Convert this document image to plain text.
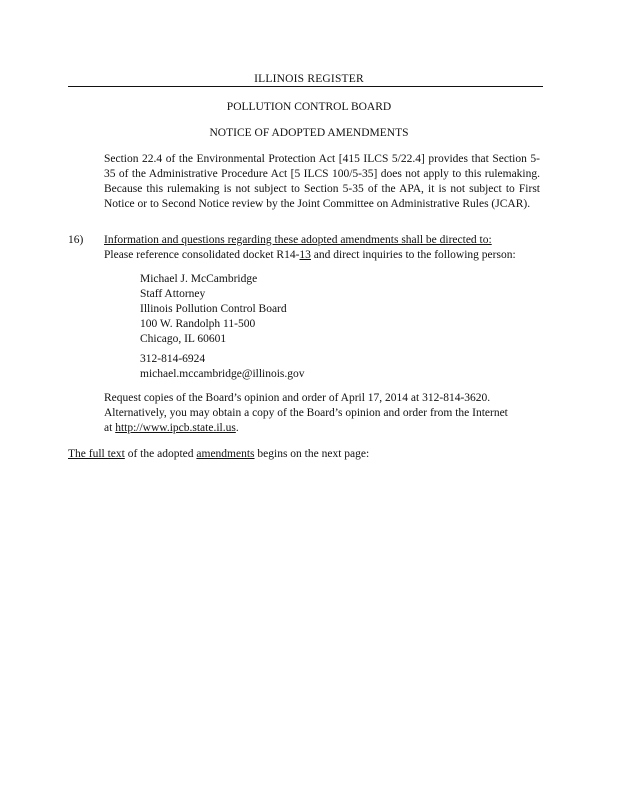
ILLINOIS REGISTER
POLLUTION CONTROL BOARD
NOTICE OF ADOPTED AMENDMENTS
Section 22.4 of the Environmental Protection Act [415 ILCS 5/22.4] provides that Section 5-35 of the Administrative Procedure Act [5 ILCS 100/5-35] does not apply to this rulemaking. Because this rulemaking is not subject to Section 5-35 of the APA, it is not subject to First Notice or to Second Notice review by the Joint Committee on Administrative Rules (JCAR).
16) Information and questions regarding these adopted amendments shall be directed to:
Please reference consolidated docket R14-13 and direct inquiries to the following person:
Michael J. McCambridge
Staff Attorney
Illinois Pollution Control Board
100 W. Randolph 11-500
Chicago, IL 60601
312-814-6924
michael.mccambridge@illinois.gov
Request copies of the Board’s opinion and order of April 17, 2014 at 312-814-3620.
Alternatively, you may obtain a copy of the Board’s opinion and order from the Internet
at http://www.ipcb.state.il.us.
The full text of the adopted amendments begins on the next page:
